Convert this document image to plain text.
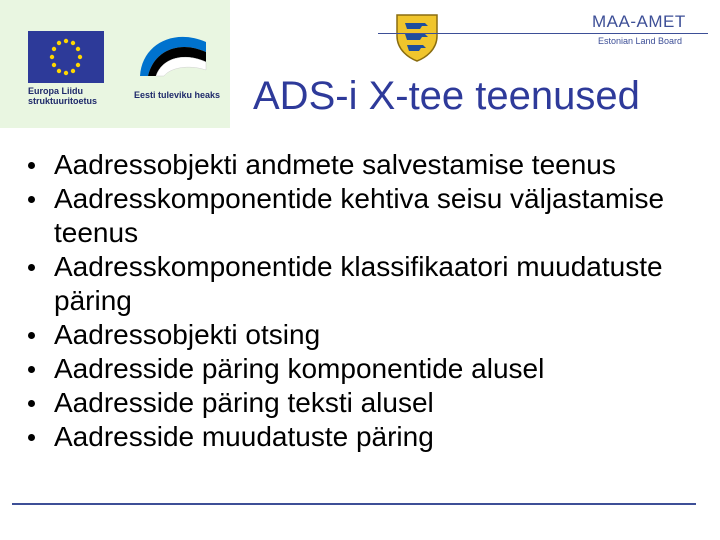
Europa Liidu
struktuuritoetus
Eesti tuleviku heaks
MAA-AMET
Estonian Land Board
ADS-i X-tee teenused
Aadressobjekti andmete salvestamise teenus
Aadresskomponentide kehtiva seisu väljastamise teenus
Aadresskomponentide klassifikaatori muudatuste päring
Aadressobjekti otsing
Aadresside päring komponentide alusel
Aadresside päring teksti alusel
Aadresside muudatuste päring
